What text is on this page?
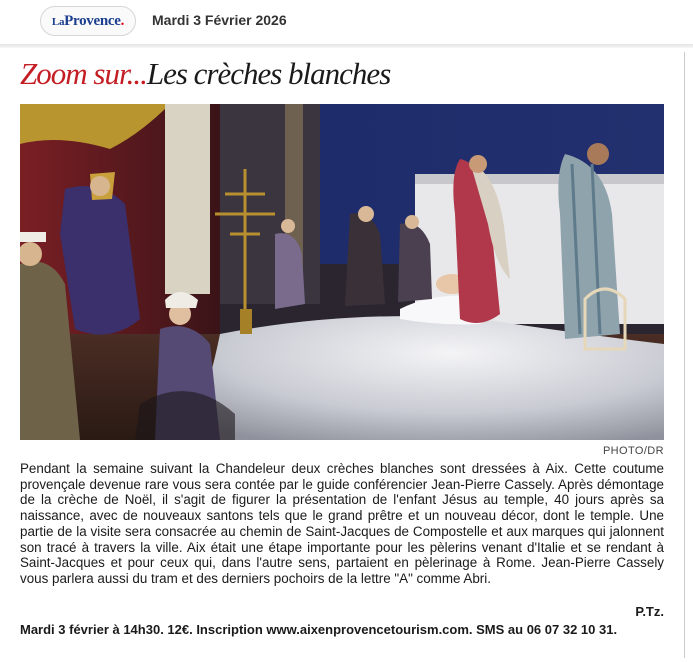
LaProvence. Mardi 3 Février 2026
Zoom sur...Les crèches blanches
PHOTO/DR

Pendant la semaine suivant la Chandeleur deux crèches blanches sont dressées à Aix. Cette coutume provençale devenue rare vous sera contée par le guide conférencier Jean-Pierre Cassely. Après démontage de la crèche de Noël, il s'agit de figurer la présentation de l'enfant Jésus au temple, 40 jours après sa naissance, avec de nouveaux santons tels que le grand prêtre et un nouveau décor, dont le temple. Une partie de la visite sera consacrée au chemin de Saint-Jacques de Compostelle et aux marques qui jalonnent son tracé à travers la ville. Aix était une étape importante pour les pèlerins venant d'Italie et se rendant à Saint-Jacques et pour ceux qui, dans l'autre sens, partaient en pèlerinage à Rome. Jean-Pierre Cassely vous parlera aussi du tram et des derniers pochoirs de la lettre "A" comme Abri.

P.Tz.
Mardi 3 février à 14h30. 12€. Inscription www.aixenprovencetourism.com. SMS au 06 07 32 10 31.
